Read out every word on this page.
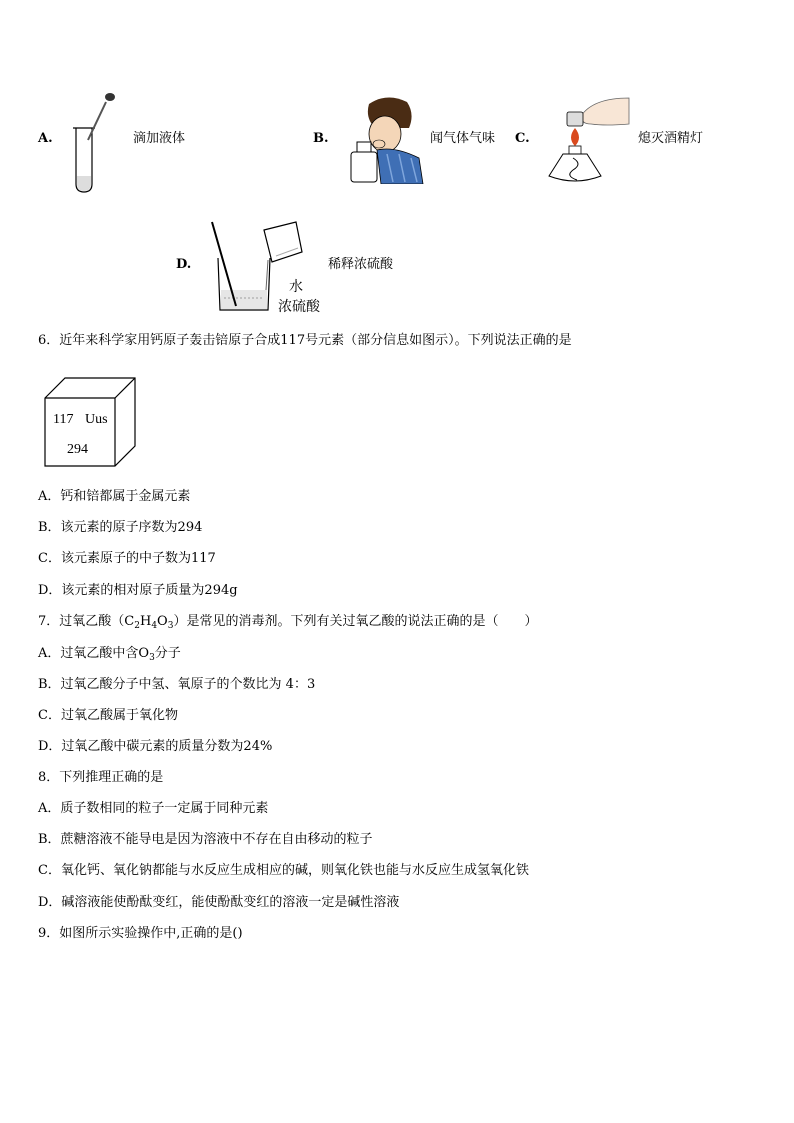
A.	滴加液体	B.	闻气体气味 C.	熄灭酒精灯
D.	稀释浓硫酸
水
浓硫酸
6．近年来科学家用钙原子轰击锫原子合成117号元素（部分信息如图示）。下列说法正确的是
117 Uus
294
A．钙和锫都属于金属元素
B．该元素的原子序数为294
C．该元素原子的中子数为117
D．该元素的相对原子质量为294g
7．过氧乙酸$(C_2H_4O_3)$是常见的消毒剂。下列有关过氧乙酸的说法正确的是（　　）
A．过氧乙酸中含$O_3$分子
B．过氧乙酸分子中氢、氧原子的个数比为 4：3
C．过氧乙酸属于氧化物
D．过氧乙酸中碳元素的质量分数为24%
8．下列推理正确的是
A．质子数相同的粒子一定属于同种元素
B．蔗糖溶液不能导电是因为溶液中不存在自由移动的粒子
C．氧化钙、氧化钠都能与水反应生成相应的碱，则氧化铁也能与水反应生成氢氧化铁
D．碱溶液能使酚酞变红，能使酚酞变红的溶液一定是碱性溶液
9．如图所示实验操作中,正确的是()
